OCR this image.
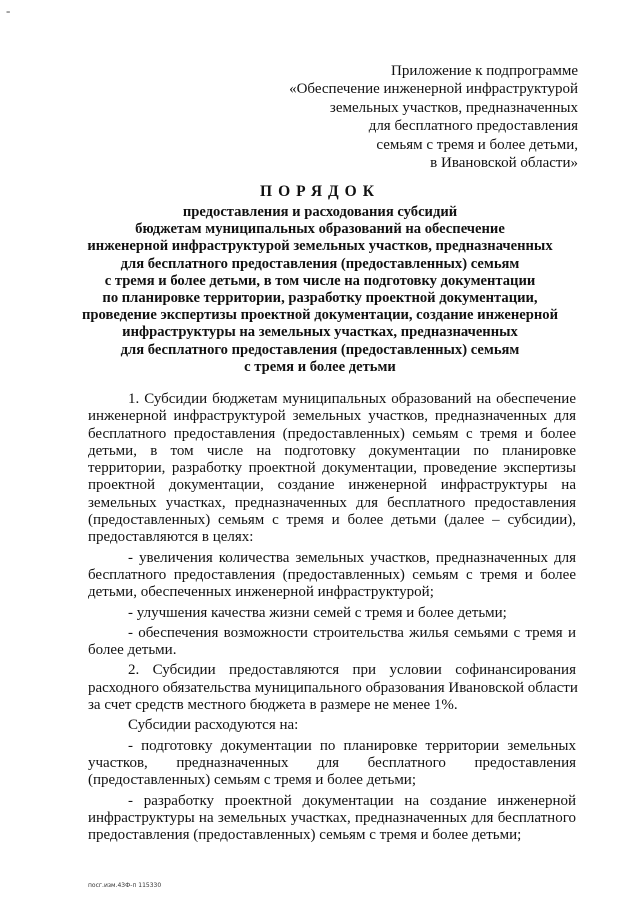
-
Приложение к подпрограмме
«Обеспечение инженерной инфраструктурой
земельных участков, предназначенных
для бесплатного предоставления
семьям с тремя и более детьми,
в Ивановской области»
ПОРЯДОК
предоставления и расходования субсидий
бюджетам муниципальных образований на обеспечение
инженерной инфраструктурой земельных участков, предназначенных
для бесплатного предоставления (предоставленных) семьям
с тремя и более детьми, в том числе на подготовку документации
по планировке территории, разработку проектной документации,
проведение экспертизы проектной документации, создание инженерной
инфраструктуры на земельных участках, предназначенных
для бесплатного предоставления (предоставленных) семьям
с тремя и более детьми
1. Субсидии бюджетам муниципальных образований на обеспечение
инженерной инфраструктурой земельных участков, предназначенных для
бесплатного предоставления (предоставленных) семьям с тремя и более
детьми, в том числе на подготовку документации по планировке
территории, разработку проектной документации, проведение экспертизы
проектной документации, создание инженерной инфраструктуры на
земельных участках, предназначенных для бесплатного предоставления
(предоставленных) семьям с тремя и более детьми (далее – субсидии),
предоставляются в целях:
- увеличения количества земельных участков, предназначенных для
бесплатного предоставления (предоставленных) семьям с тремя и более
детьми, обеспеченных инженерной инфраструктурой;
- улучшения качества жизни семей с тремя и более детьми;
- обеспечения возможности строительства жилья семьями с тремя и
более детьми.
2. Субсидии предоставляются при условии софинансирования
расходного обязательства муниципального образования Ивановской области
за счет средств местного бюджета в размере не менее 1%.
Субсидии расходуются на:
- подготовку документации по планировке территории земельных
участков, предназначенных для бесплатного предоставления
(предоставленных) семьям с тремя и более детьми;
- разработку проектной документации на создание инженерной
инфраструктуры на земельных участках, предназначенных для бесплатного
предоставления (предоставленных) семьям с тремя и более детьми;
посг.изм.43Ф-п 115330
